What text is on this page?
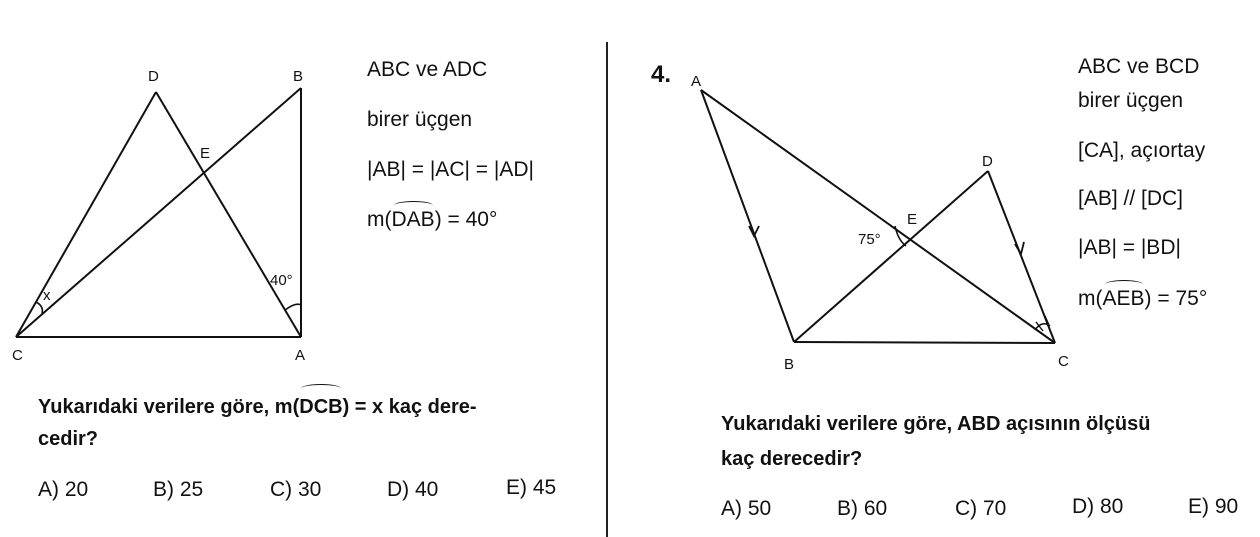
D	B
E
C	A
40°
x
A
D
E
B	C
75°
ABC ve ADC
birer üçgen
|AB| = |AC| = |AD|
m(DAB) = 40°
Yukarıdaki verilere göre, m(DCB) = x kaç dere-
cedir?
A) 20	B) 25	C) 30	D) 40	E) 45
4.	ABC ve BCD
birer üçgen
[CA], açıortay
[AB] // [DC]
|AB| = |BD|
m(AEB) = 75°
Yukarıdaki verilere göre, ABD açısının ölçüsü
kaç derecedir?
A) 50	B) 60	C) 70	D) 80	E) 90
